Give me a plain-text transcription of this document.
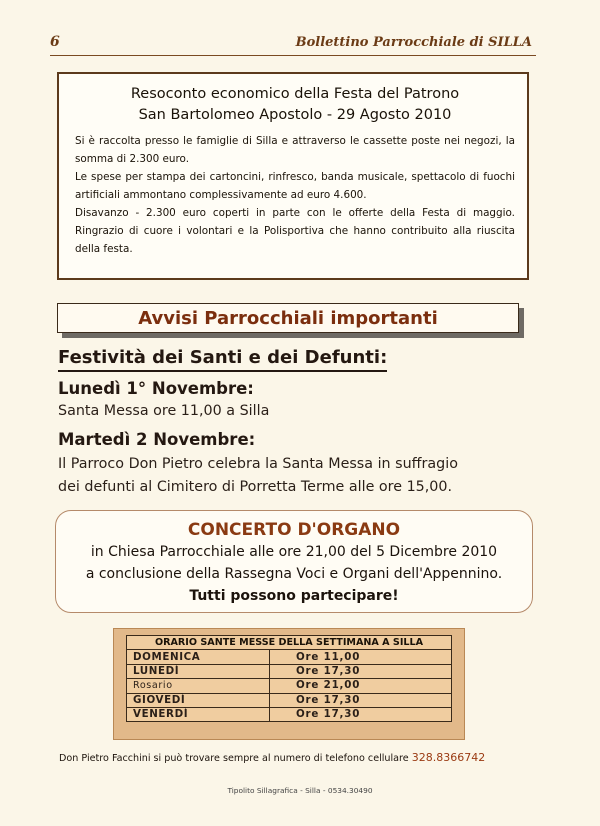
6	Bollettino Parrocchiale di SILLA
Resoconto economico della Festa del Patrono
San Bartolomeo Apostolo - 29 Agosto 2010

Si è raccolta presso le famiglie di Silla e attraverso le cassette poste nei negozi, la somma di 2.300 euro.

Le spese per stampa dei cartoncini, rinfresco, banda musicale, spettacolo di fuochi artificiali ammontano complessivamente ad euro 4.600.

Disavanzo - 2.300 euro coperti in parte con le offerte della Festa di maggio. Ringrazio di cuore i volontari e la Polisportiva che hanno contribuito alla riuscita della festa.

Avvisi Parrocchiali importanti
Festività dei Santi e dei Defunti:
Lunedì 1° Novembre:
Santa Messa ore 11,00 a Silla
Martedì 2 Novembre:
Il Parroco Don Pietro celebra la Santa Messa in suffragio
dei defunti al Cimitero di Porretta Terme alle ore 15,00.
CONCERTO D'ORGANO
in Chiesa Parrocchiale alle ore 21,00 del 5 Dicembre 2010
a conclusione della Rassegna Voci e Organi dell'Appennino.
Tutti possono partecipare!
ORARIO SANTE MESSE DELLA SETTIMANA A SILLA	
DOMENICA	Ore 11,00
LUNEDÌ	Ore 17,30
Rosario	Ore 21,00
GIOVEDÌ	Ore 17,30
VENERDÌ	Ore 17,30
Don Pietro Facchini si può trovare sempre al numero di telefono cellulare 328.8366742
Tipolito Sillagrafica - Silla - 0534.30490
